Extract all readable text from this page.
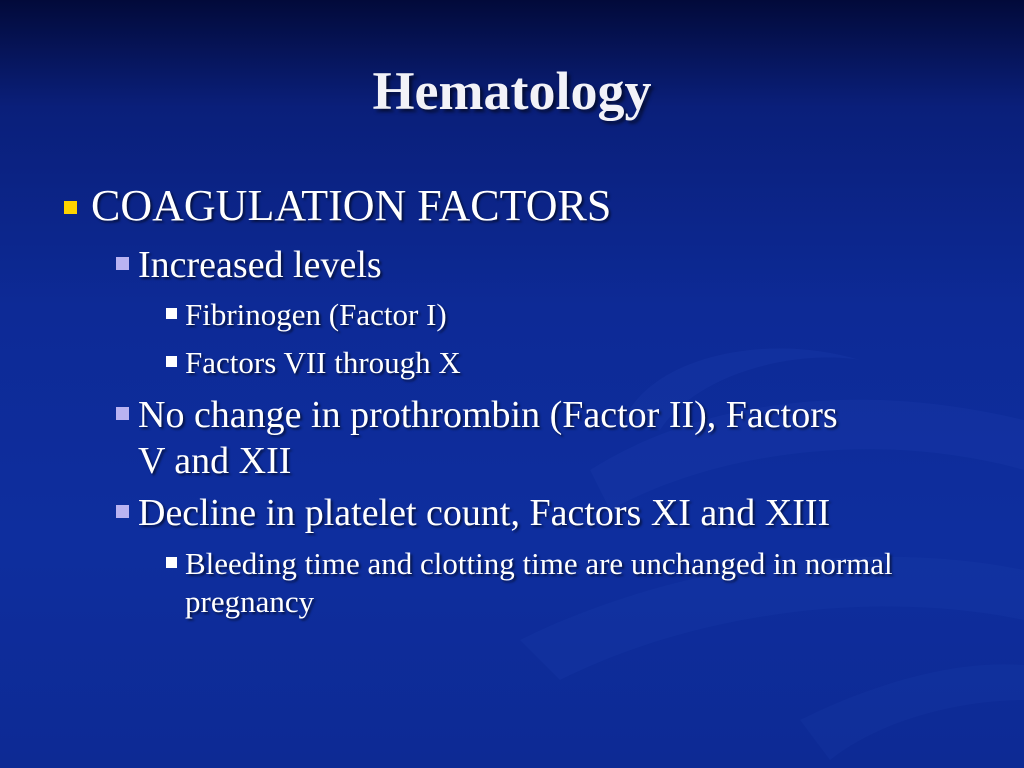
Hematology
COAGULATION FACTORS
Increased levels
Fibrinogen (Factor I)
Factors VII through X
No change in prothrombin (Factor II), Factors V and XII
Decline in platelet count, Factors XI and XIII
Bleeding time and clotting time are unchanged in normal pregnancy
